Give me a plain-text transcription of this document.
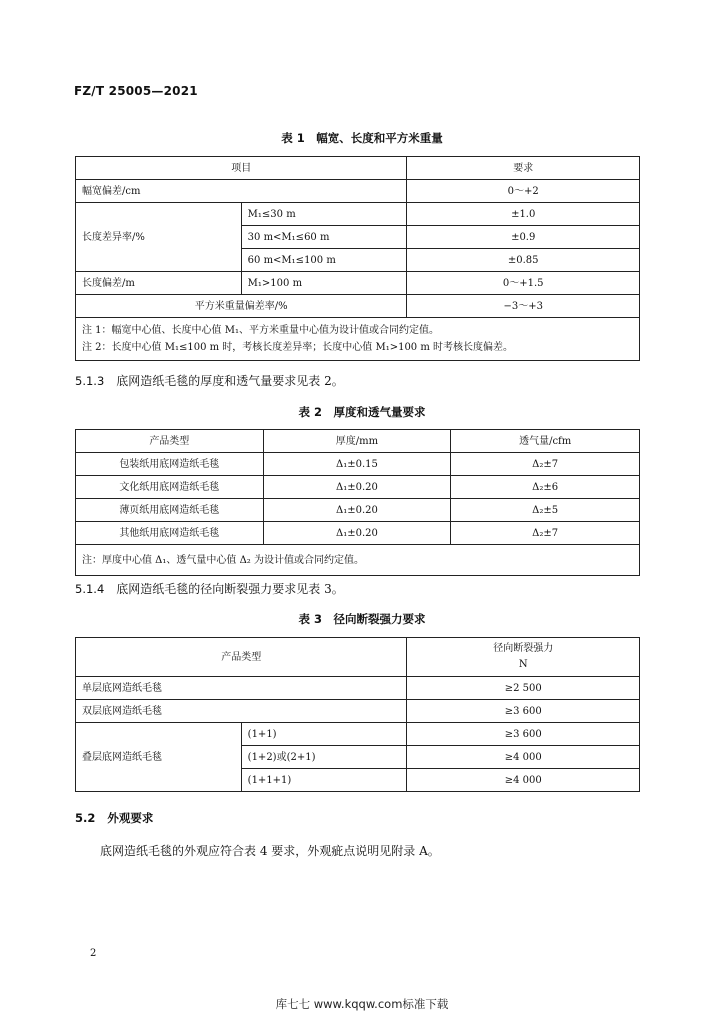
FZ/T 25005—2021
表 1　幅宽、长度和平方米重量
项目		要求
幅宽偏差/cm		0～+2
长度差异率/%	M₁≤30 m	±1.0
	30 m<M₁≤60 m	±0.9
	60 m<M₁≤100 m	±0.85
长度偏差/m	M₁>100 m	0～+1.5
平方米重量偏差率/%		−3～+3

注 1：幅宽中心值、长度中心值 M₁、平方米重量中心值为设计值或合同约定值。
注 2：长度中心值 M₁≤100 m 时，考核长度差异率；长度中心值 M₁>100 m 时考核长度偏差。		
5.1.3 底网造纸毛毯的厚度和透气量要求见表 2。
表 2　厚度和透气量要求
产品类型	厚度/mm	透气量/cfm
包装纸用底网造纸毛毯	Δ₁±0.15	Δ₂±7
文化纸用底网造纸毛毯	Δ₁±0.20	Δ₂±6
薄页纸用底网造纸毛毯	Δ₁±0.20	Δ₂±5
其他纸用底网造纸毛毯	Δ₁±0.20	Δ₂±7
注：厚度中心值 Δ₁、透气量中心值 Δ₂ 为设计值或合同约定值。		
5.1.4 底网造纸毛毯的径向断裂强力要求见表 3。
表 3　径向断裂强力要求
产品类型		径向断裂强力
N

单层底网造纸毛毯		≥2 500
双层底网造纸毛毯		≥3 600
叠层底网造纸毛毯	(1+1)	≥3 600
	(1+2)或(2+1)	≥4 000
	(1+1+1)	≥4 000
5.2 外观要求
底网造纸毛毯的外观应符合表 4 要求，外观疵点说明见附录 A。
2
库七七 www.kqqw.com标准下载
